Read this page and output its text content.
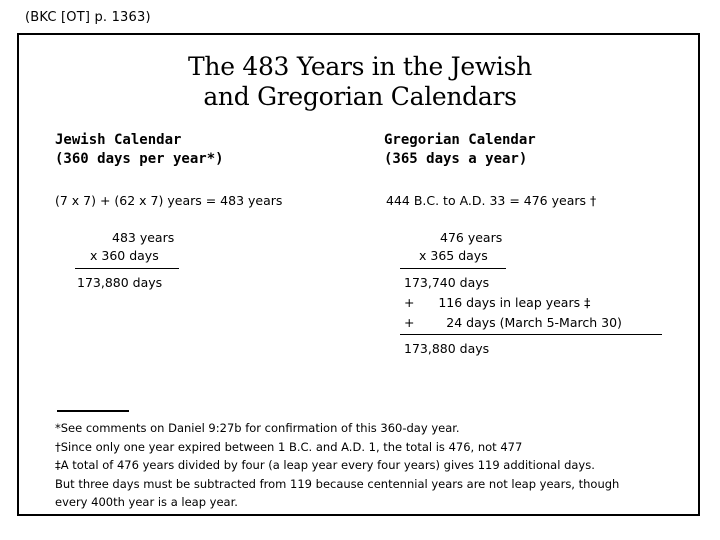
(BKC [OT] p. 1363)
The 483 Years in the Jewish
and Gregorian Calendars
Jewish Calendar
(360 days per year*)
(7 x 7) + (62 x 7) years = 483 years
483 years
x 360 days
173,880 days
Gregorian Calendar
(365 days a year)
444 B.C. to A.D. 33 = 476 years †
476 years
x 365 days
173,740 days
+      116 days in leap years ‡
+        24 days (March 5-March 30)
173,880 days
*See comments on Daniel 9:27b for confirmation of this 360-day year.
†Since only one year expired between 1 B.C. and A.D. 1, the total is 476, not 477
‡A total of 476 years divided by four (a leap year every four years) gives 119 additional days.
But three days must be subtracted from 119 because centennial years are not leap years, though
every 400th year is a leap year.
